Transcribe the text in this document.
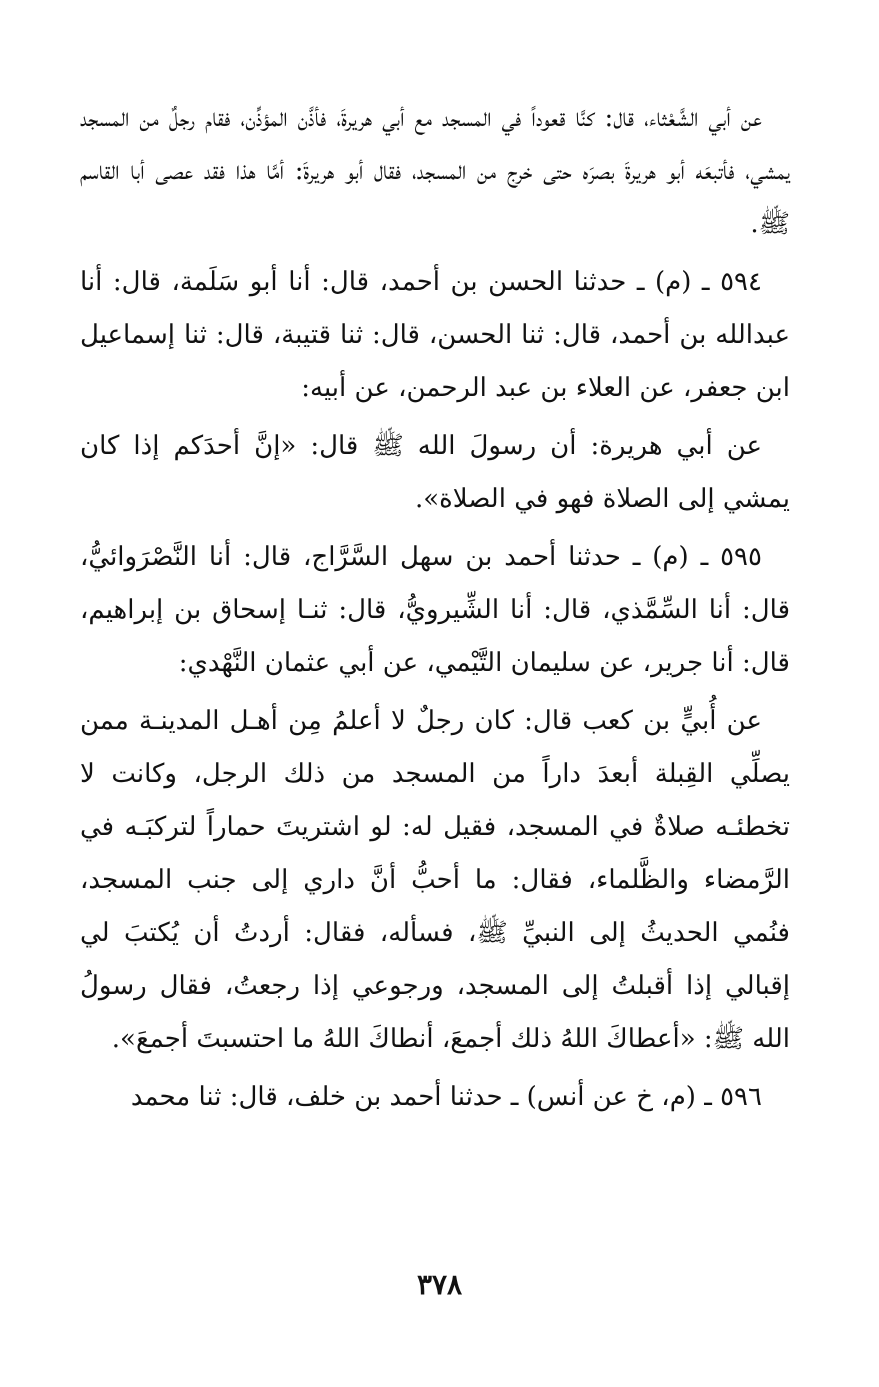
عن أبي الشَّعْثاء، قال: كنَّا قعوداً في المسجد مع أبي هريرةَ، فأذَّن المؤذِّن، فقام رجلٌ من المسجد يمشي، فأتبعَه أبو هريرةَ بصرَه حتى خرج من المسجد، فقال أبو هريرةَ: أمَّا هذا فقد عصى أبا القاسم ﷺ.

٥٩٤ ـ (م) ـ حدثنا الحسن بن أحمد، قال: أنا أبو سَلَمة، قال: أنا عبدالله بن أحمد، قال: ثنا الحسن، قال: ثنا قتيبة، قال: ثنا إسماعيل ابن جعفر، عن العلاء بن عبد الرحمن، عن أبيه:

عن أبي هريرة: أن رسولَ الله ﷺ قال: «إنَّ أحدَكم إذا كان يمشي إلى الصلاة فهو في الصلاة».

٥٩٥ ـ (م) ـ حدثنا أحمد بن سهل السَّرَّاج، قال: أنا النَّصْرَوائيُّ، قال: أنا السِّمَّذي، قال: أنا الشِّيرويُّ، قال: ثنـا إسحاق بن إبراهيم، قال: أنا جرير، عن سليمان التَّيْمي، عن أبي عثمان النَّهْدي:

عن أُبيٍّ بن كعب قال: كان رجلٌ لا أعلمُ مِن أهـل المدينـة ممن يصلِّي القِبلة أبعدَ داراً من المسجد من ذلك الرجل، وكانت لا تخطئـه صلاةٌ في المسجد، فقيل له: لو اشتريتَ حماراً لتركبَـه في الرَّمضاء والظَّلماء، فقال: ما أحبُّ أنَّ داري إلى جنب المسجد، فنُمي الحديثُ إلى النبيِّ ﷺ، فسأله، فقال: أردتُ أن يُكتبَ لي إقبالي إذا أقبلتُ إلى المسجد، ورجوعي إذا رجعتُ، فقال رسولُ الله ﷺ: «أعطاكَ اللهُ ذلك أجمعَ، أنطاكَ اللهُ ما احتسبتَ أجمعَ».

٥٩٦ ـ (م، خ عن أنس) ـ حدثنا أحمد بن خلف، قال: ثنا محمد

٣٧٨
